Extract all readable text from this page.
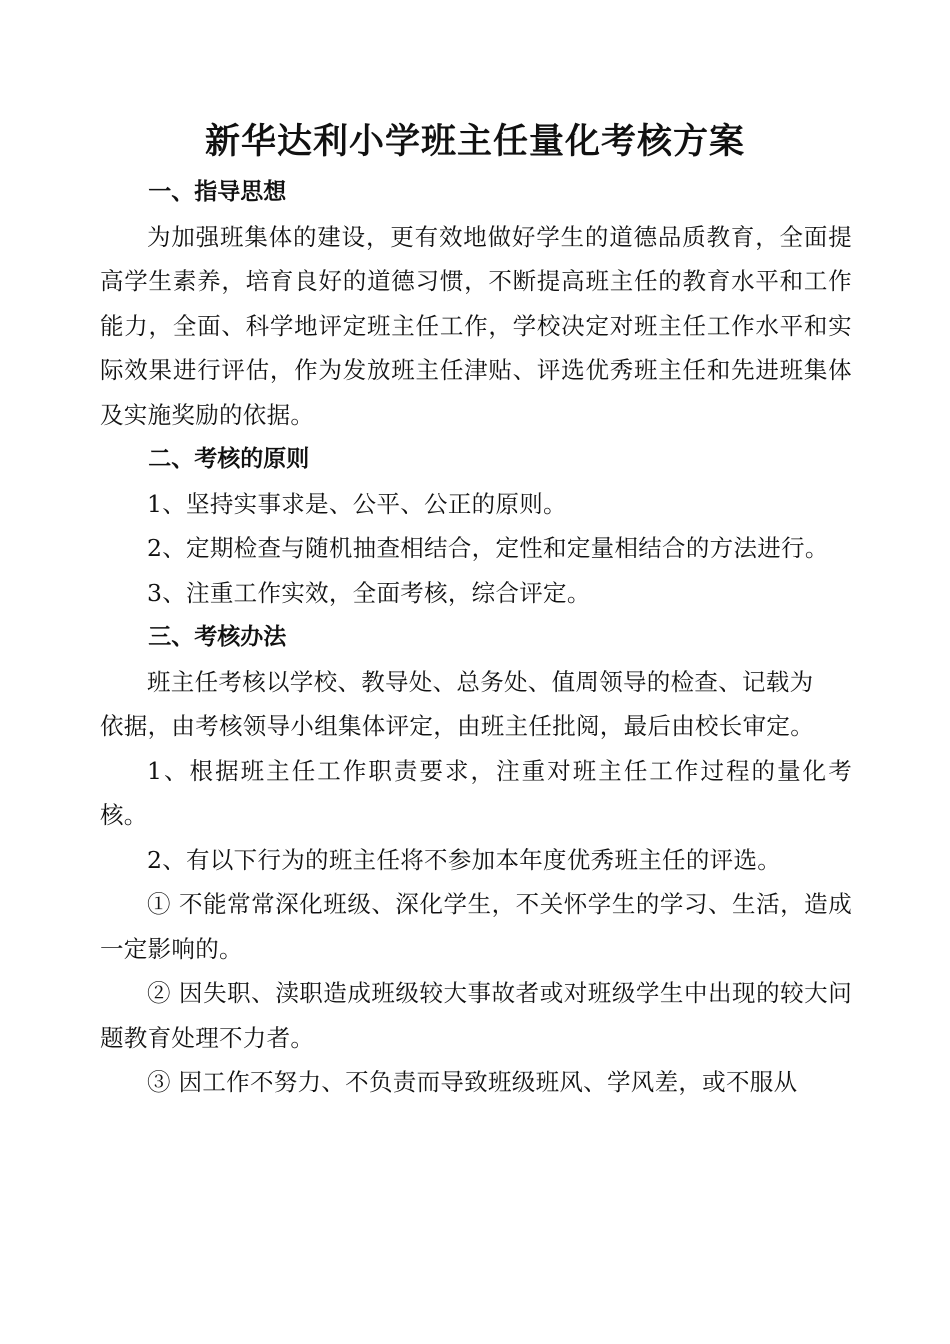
新华达利小学班主任量化考核方案

一、指导思想

为加强班集体的建设，更有效地做好学生的道德品质教育，全面提高学生素养，培育良好的道德习惯，不断提高班主任的教育水平和工作能力，全面、科学地评定班主任工作，学校决定对班主任工作水平和实际效果进行评估，作为发放班主任津贴、评选优秀班主任和先进班集体及实施奖励的依据。

二、考核的原则

1、坚持实事求是、公平、公正的原则。

2、定期检查与随机抽查相结合，定性和定量相结合的方法进行。

3、注重工作实效，全面考核，综合评定。

三、考核办法

班主任考核以学校、教导处、总务处、值周领导的检查、记载为依据，由考核领导小组集体评定，由班主任批阅，最后由校长审定。

1、根据班主任工作职责要求，注重对班主任工作过程的量化考核。

2、有以下行为的班主任将不参加本年度优秀班主任的评选。

① 不能常常深化班级、深化学生，不关怀学生的学习、生活，造成一定影响的。

② 因失职、渎职造成班级较大事故者或对班级学生中出现的较大问题教育处理不力者。

③ 因工作不努力、不负责而导致班级班风、学风差，或不服从
